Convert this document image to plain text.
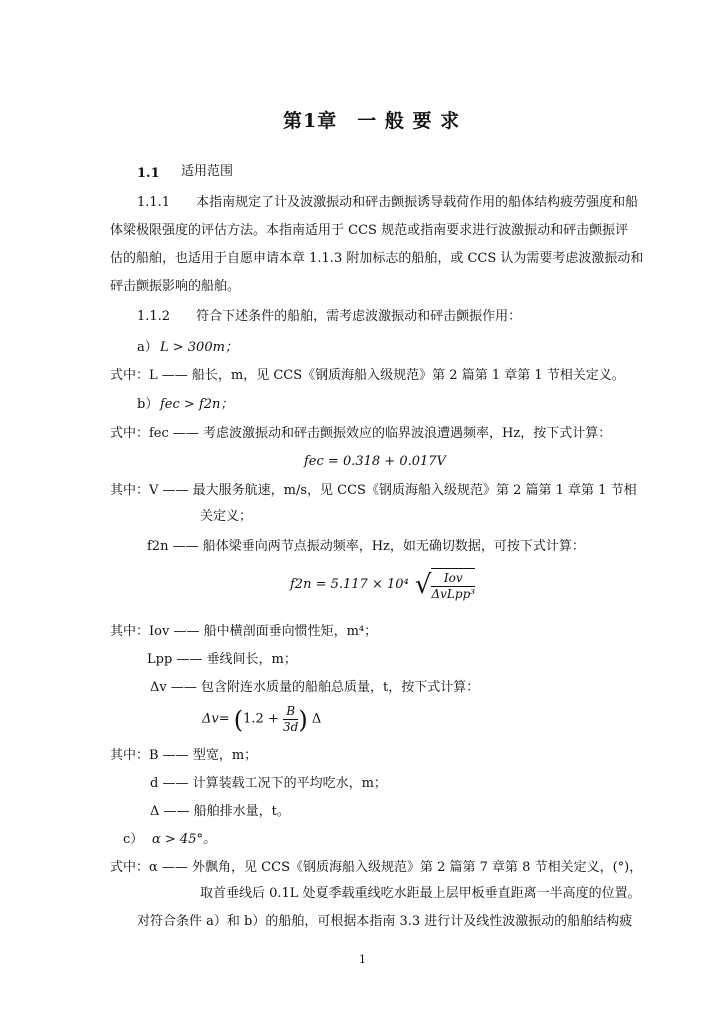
第1章　一 般 要 求
1.1 适用范围
1.1.1　　本指南规定了计及波激振动和砰击颤振诱导载荷作用的船体结构疲劳强度和船
体梁极限强度的评估方法。本指南适用于 CCS 规范或指南要求进行波激振动和砰击颤振评
估的船舶，也适用于自愿申请本章 1.1.3 附加标志的船舶，或 CCS 认为需要考虑波激振动和
砰击颤振影响的船舶。
1.1.2　　符合下述条件的船舶，需考虑波激振动和砰击颤振作用：
a） L > 300m；
式中：L —— 船长，m，见 CCS《钢质海船入级规范》第 2 篇第 1 章第 1 节相关定义。
b） fec > f2n；
式中：fec —— 考虑波激振动和砰击颤振效应的临界波浪遭遇频率，Hz，按下式计算：
fec = 0.318 + 0.017V
其中：V —— 最大服务航速，m/s，见 CCS《钢质海船入级规范》第 2 篇第 1 章第 1 节相
关定义；
f2n —— 船体梁垂向两节点振动频率，Hz，如无确切数据，可按下式计算：
f2n = 5.117 × 10⁴ √ $\frac{\text{Iov}}{\text{ΔvLpp³}}$
其中：Iov —— 船中横剖面垂向惯性矩，m⁴；
Lpp —— 垂线间长，m；
Δv —— 包含附连水质量的船舶总质量，t，按下式计算：
$\Delta v= (1.2 + \frac{B}{3d}$ ) Δ
其中：B —— 型宽，m；
d —— 计算装载工况下的平均吃水，m；
Δ —— 船舶排水量，t。
c） α > 45°。
式中：α —— 外飘角，见 CCS《钢质海船入级规范》第 2 篇第 7 章第 8 节相关定义，(°)，
取首垂线后 0.1L 处夏季载重线吃水距最上层甲板垂直距离一半高度的位置。
对符合条件 a）和 b）的船舶，可根据本指南 3.3 进行计及线性波激振动的船舶结构疲
1
